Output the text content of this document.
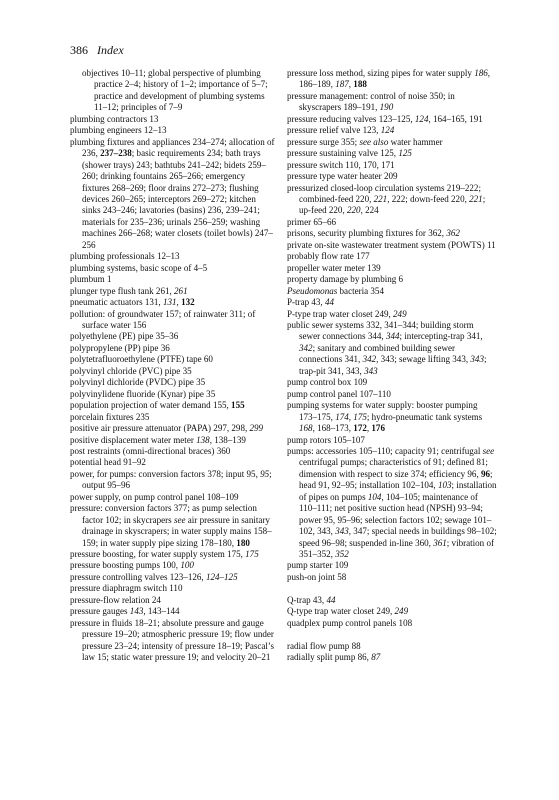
386 Index
objectives 10–11; global perspective of plumbing practice 2–4; history of 1–2; importance of 5–7; practice and development of plumbing systems 11–12; principles of 7–9
plumbing contractors 13
plumbing engineers 12–13
plumbing fixtures and appliances 234–274; allocation of 236, 237–238; basic requirements 234; bath trays (shower trays) 243; bathtubs 241–242; bidets 259–260; drinking fountains 265–266; emergency fixtures 268–269; floor drains 272–273; flushing devices 260–265; interceptors 269–272; kitchen sinks 243–246; lavatories (basins) 236, 239–241; materials for 235–236; urinals 256–259; washing machines 266–268; water closets (toilet bowls) 247–256
plumbing professionals 12–13
plumbing systems, basic scope of 4–5
plumbum 1
plunger type flush tank 261, 261
pneumatic actuators 131, 131, 132
pollution: of groundwater 157; of rainwater 311; of surface water 156
polyethylene (PE) pipe 35–36
polypropylene (PP) pipe 36
polytetrafluoroethylene (PTFE) tape 60
polyvinyl chloride (PVC) pipe 35
polyvinyl dichloride (PVDC) pipe 35
polyvinylidene fluoride (Kynar) pipe 35
population projection of water demand 155, 155
porcelain fixtures 235
positive air pressure attenuator (PAPA) 297, 298, 299
positive displacement water meter 138, 138–139
post restraints (omni-directional braces) 360
potential head 91–92
power, for pumps: conversion factors 378; input 95, 95; output 95–96
power supply, on pump control panel 108–109
pressure: conversion factors 377; as pump selection factor 102; in skycrapers see air pressure in sanitary drainage in skyscrapers; in water supply mains 158–159; in water supply pipe sizing 178–180, 180
pressure boosting, for water supply system 175, 175
pressure boosting pumps 100, 100
pressure controlling valves 123–126, 124–125
pressure diaphragm switch 110
pressure-flow relation 24
pressure gauges 143, 143–144
pressure in fluids 18–21; absolute pressure and gauge pressure 19–20; atmospheric pressure 19; flow under pressure 23–24; intensity of pressure 18–19; Pascal’s law 15; static water pressure 19; and velocity 20–21
pressure loss method, sizing pipes for water supply 186, 186–189, 187, 188
pressure management: control of noise 350; in skyscrapers 189–191, 190
pressure reducing valves 123–125, 124, 164–165, 191
pressure relief valve 123, 124
pressure surge 355; see also water hammer
pressure sustaining valve 125, 125
pressure switch 110, 170, 171
pressure type water heater 209
pressurized closed-loop circulation systems 219–222; combined-feed 220, 221, 222; down-feed 220, 221; up-feed 220, 220, 224
primer 65–66
prisons, security plumbing fixtures for 362, 362
private on-site wastewater treatment system (POWTS) 11
probably flow rate 177
propeller water meter 139
property damage by plumbing 6
Pseudomonas bacteria 354
P-trap 43, 44
P-type trap water closet 249, 249
public sewer systems 332, 341–344; building storm sewer connections 344, 344; intercepting-trap 341, 342; sanitary and combined building sewer connections 341, 342, 343; sewage lifting 343, 343; trap-pit 341, 343, 343
pump control box 109
pump control panel 107–110
pumping systems for water supply: booster pumping 173–175, 174, 175; hydro-pneumatic tank systems 168, 168–173, 172, 176
pump rotors 105–107
pumps: accessories 105–110; capacity 91; centrifugal see centrifugal pumps; characteristics of 91; defined 81; dimension with respect to size 374; efficiency 96, 96; head 91, 92–95; installation 102–104, 103; installation of pipes on pumps 104, 104–105; maintenance of 110–111; net positive suction head (NPSH) 93–94; power 95, 95–96; selection factors 102; sewage 101–102, 343, 343, 347; special needs in buildings 98–102; speed 96–98; suspended in-line 360, 361; vibration of 351–352, 352
pump starter 109
push-on joint 58
Q-trap 43, 44
Q-type trap water closet 249, 249
quadplex pump control panels 108
radial flow pump 88
radially split pump 86, 87
